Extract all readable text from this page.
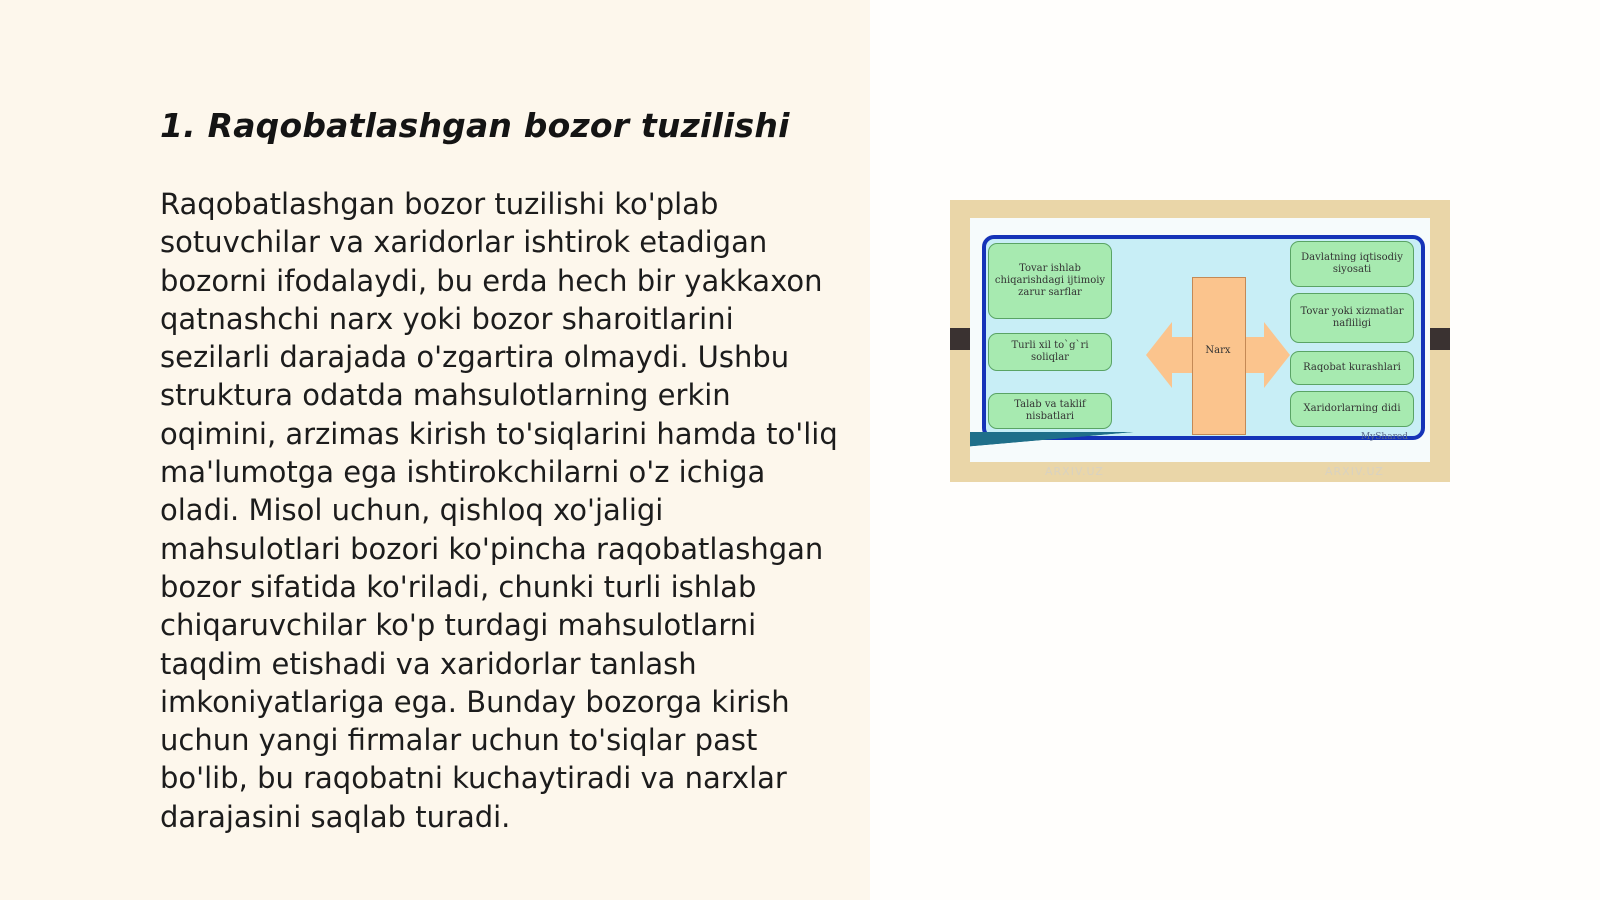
1. Raqobatlashgan bozor tuzilishi

Raqobatlashgan bozor tuzilishi ko'plab sotuvchilar va xaridorlar ishtirok etadigan bozorni ifodalaydi, bu erda hech bir yakkaxon qatnashchi narx yoki bozor sharoitlarini sezilarli darajada o'zgartira olmaydi. Ushbu struktura odatda mahsulotlarning erkin oqimini, arzimas kirish to'siqlarini hamda to'liq ma'lumotga ega ishtirokchilarni o'z ichiga oladi. Misol uchun, qishloq xo'jaligi mahsulotlari bozori ko'pincha raqobatlashgan bozor sifatida ko'riladi, chunki turli ishlab chiqaruvchilar ko'p turdagi mahsulotlarni taqdim etishadi va xaridorlar tanlash imkoniyatlariga ega. Bunday bozorga kirish uchun yangi firmalar uchun to'siqlar past bo'lib, bu raqobatni kuchaytiradi va narxlar darajasini saqlab turadi.

Tovar ishlab chiqarishdagi ijtimoiy zarur sarflar
Turli xil to`g`ri soliqlar
Talab va taklif nisbatlari
Narx
Davlatning iqtisodiy siyosati
Tovar yoki xizmatlar nafliligi
Raqobat kurashlari
Xaridorlarning didi
MyShared
ARXIV.UZ	ARXIV.UZ
